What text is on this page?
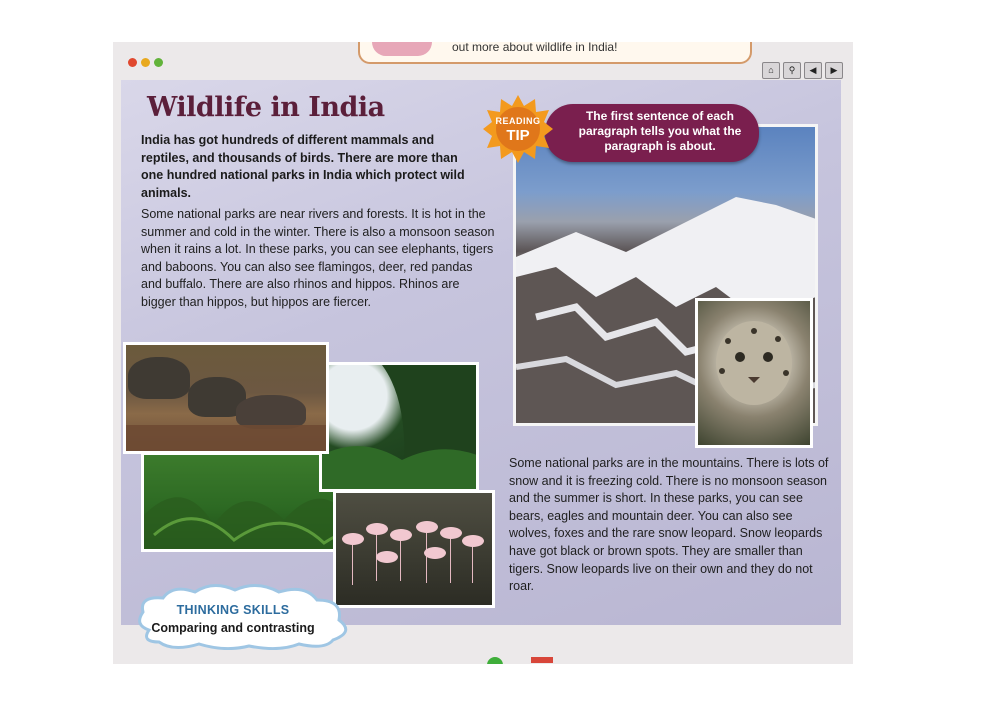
out more about wildlife in India!
⌂	⚲	◀	▶
Wildlife in India
India has got hundreds of different mammals and reptiles, and thousands of birds. There are more than one hundred national parks in India which protect wild animals.
Some national parks are near rivers and forests. It is hot in the summer and cold in the winter. There is also a monsoon season when it rains a lot. In these parks, you can see elephants, tigers and baboons. You can also see flamingos, deer, red pandas and buffalo. There are also rhinos and hippos. Rhinos are bigger than hippos, but hippos are fiercer.
Some national parks are in the mountains. There is lots of snow and it is freezing cold. There is no monsoon season and the summer is short. In these parks, you can see bears, eagles and mountain deer. You can also see wolves, foxes and the rare snow leopard. Snow leopards have got black or brown spots. They are smaller than tigers. Snow leopards live on their own and they do not roar.
The first sentence of each paragraph tells you what the paragraph is about.
READING
TIP
THINKING SKILLS
Comparing and contrasting
